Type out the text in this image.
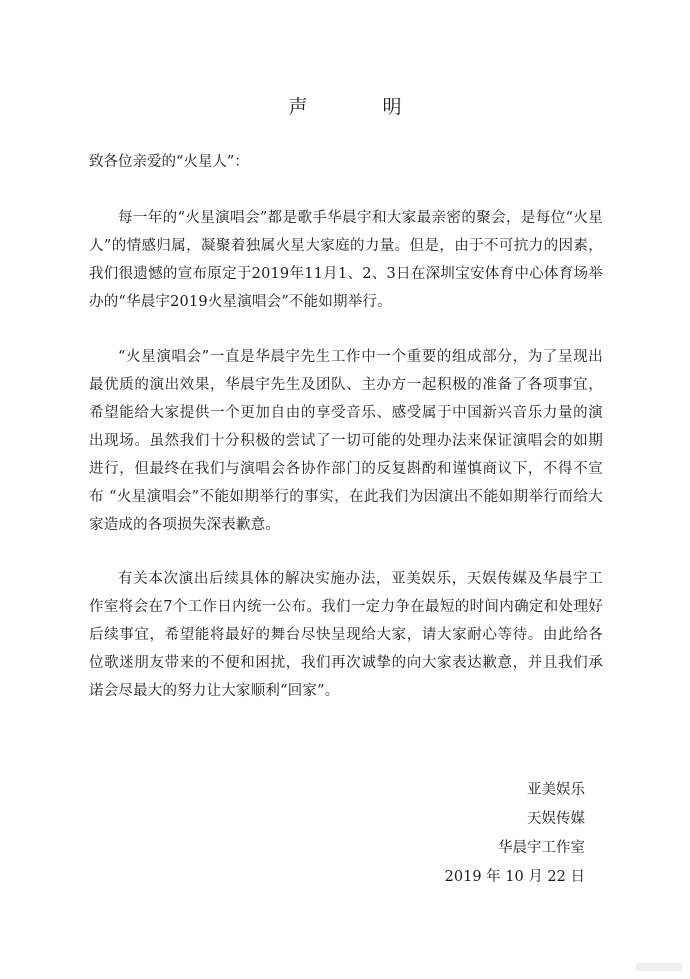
声　明

致各位亲爱的“火星人”：

每一年的“火星演唱会”都是歌手华晨宇和大家最亲密的聚会，是每位“火星人”的情感归属，凝聚着独属火星大家庭的力量。但是，由于不可抗力的因素，我们很遗憾的宣布原定于2019年11月1、2、3日在深圳宝安体育中心体育场举办的“华晨宇2019火星演唱会”不能如期举行。

“火星演唱会”一直是华晨宇先生工作中一个重要的组成部分，为了呈现出最优质的演出效果，华晨宇先生及团队、主办方一起积极的准备了各项事宜，希望能给大家提供一个更加自由的享受音乐、感受属于中国新兴音乐力量的演出现场。虽然我们十分积极的尝试了一切可能的处理办法来保证演唱会的如期进行，但最终在我们与演唱会各协作部门的反复斟酌和谨慎商议下，不得不宣布 “火星演唱会”不能如期举行的事实，在此我们为因演出不能如期举行而给大家造成的各项损失深表歉意。

有关本次演出后续具体的解决实施办法，亚美娱乐，天娱传媒及华晨宇工作室将会在7个工作日内统一公布。我们一定力争在最短的时间内确定和处理好后续事宜，希望能将最好的舞台尽快呈现给大家，请大家耐心等待。由此给各位歌迷朋友带来的不便和困扰，我们再次诚挚的向大家表达歉意，并且我们承诺会尽最大的努力让大家顺利“回家”。

亚美娱乐
天娱传媒
华晨宇工作室
2019 年 10 月 22 日
